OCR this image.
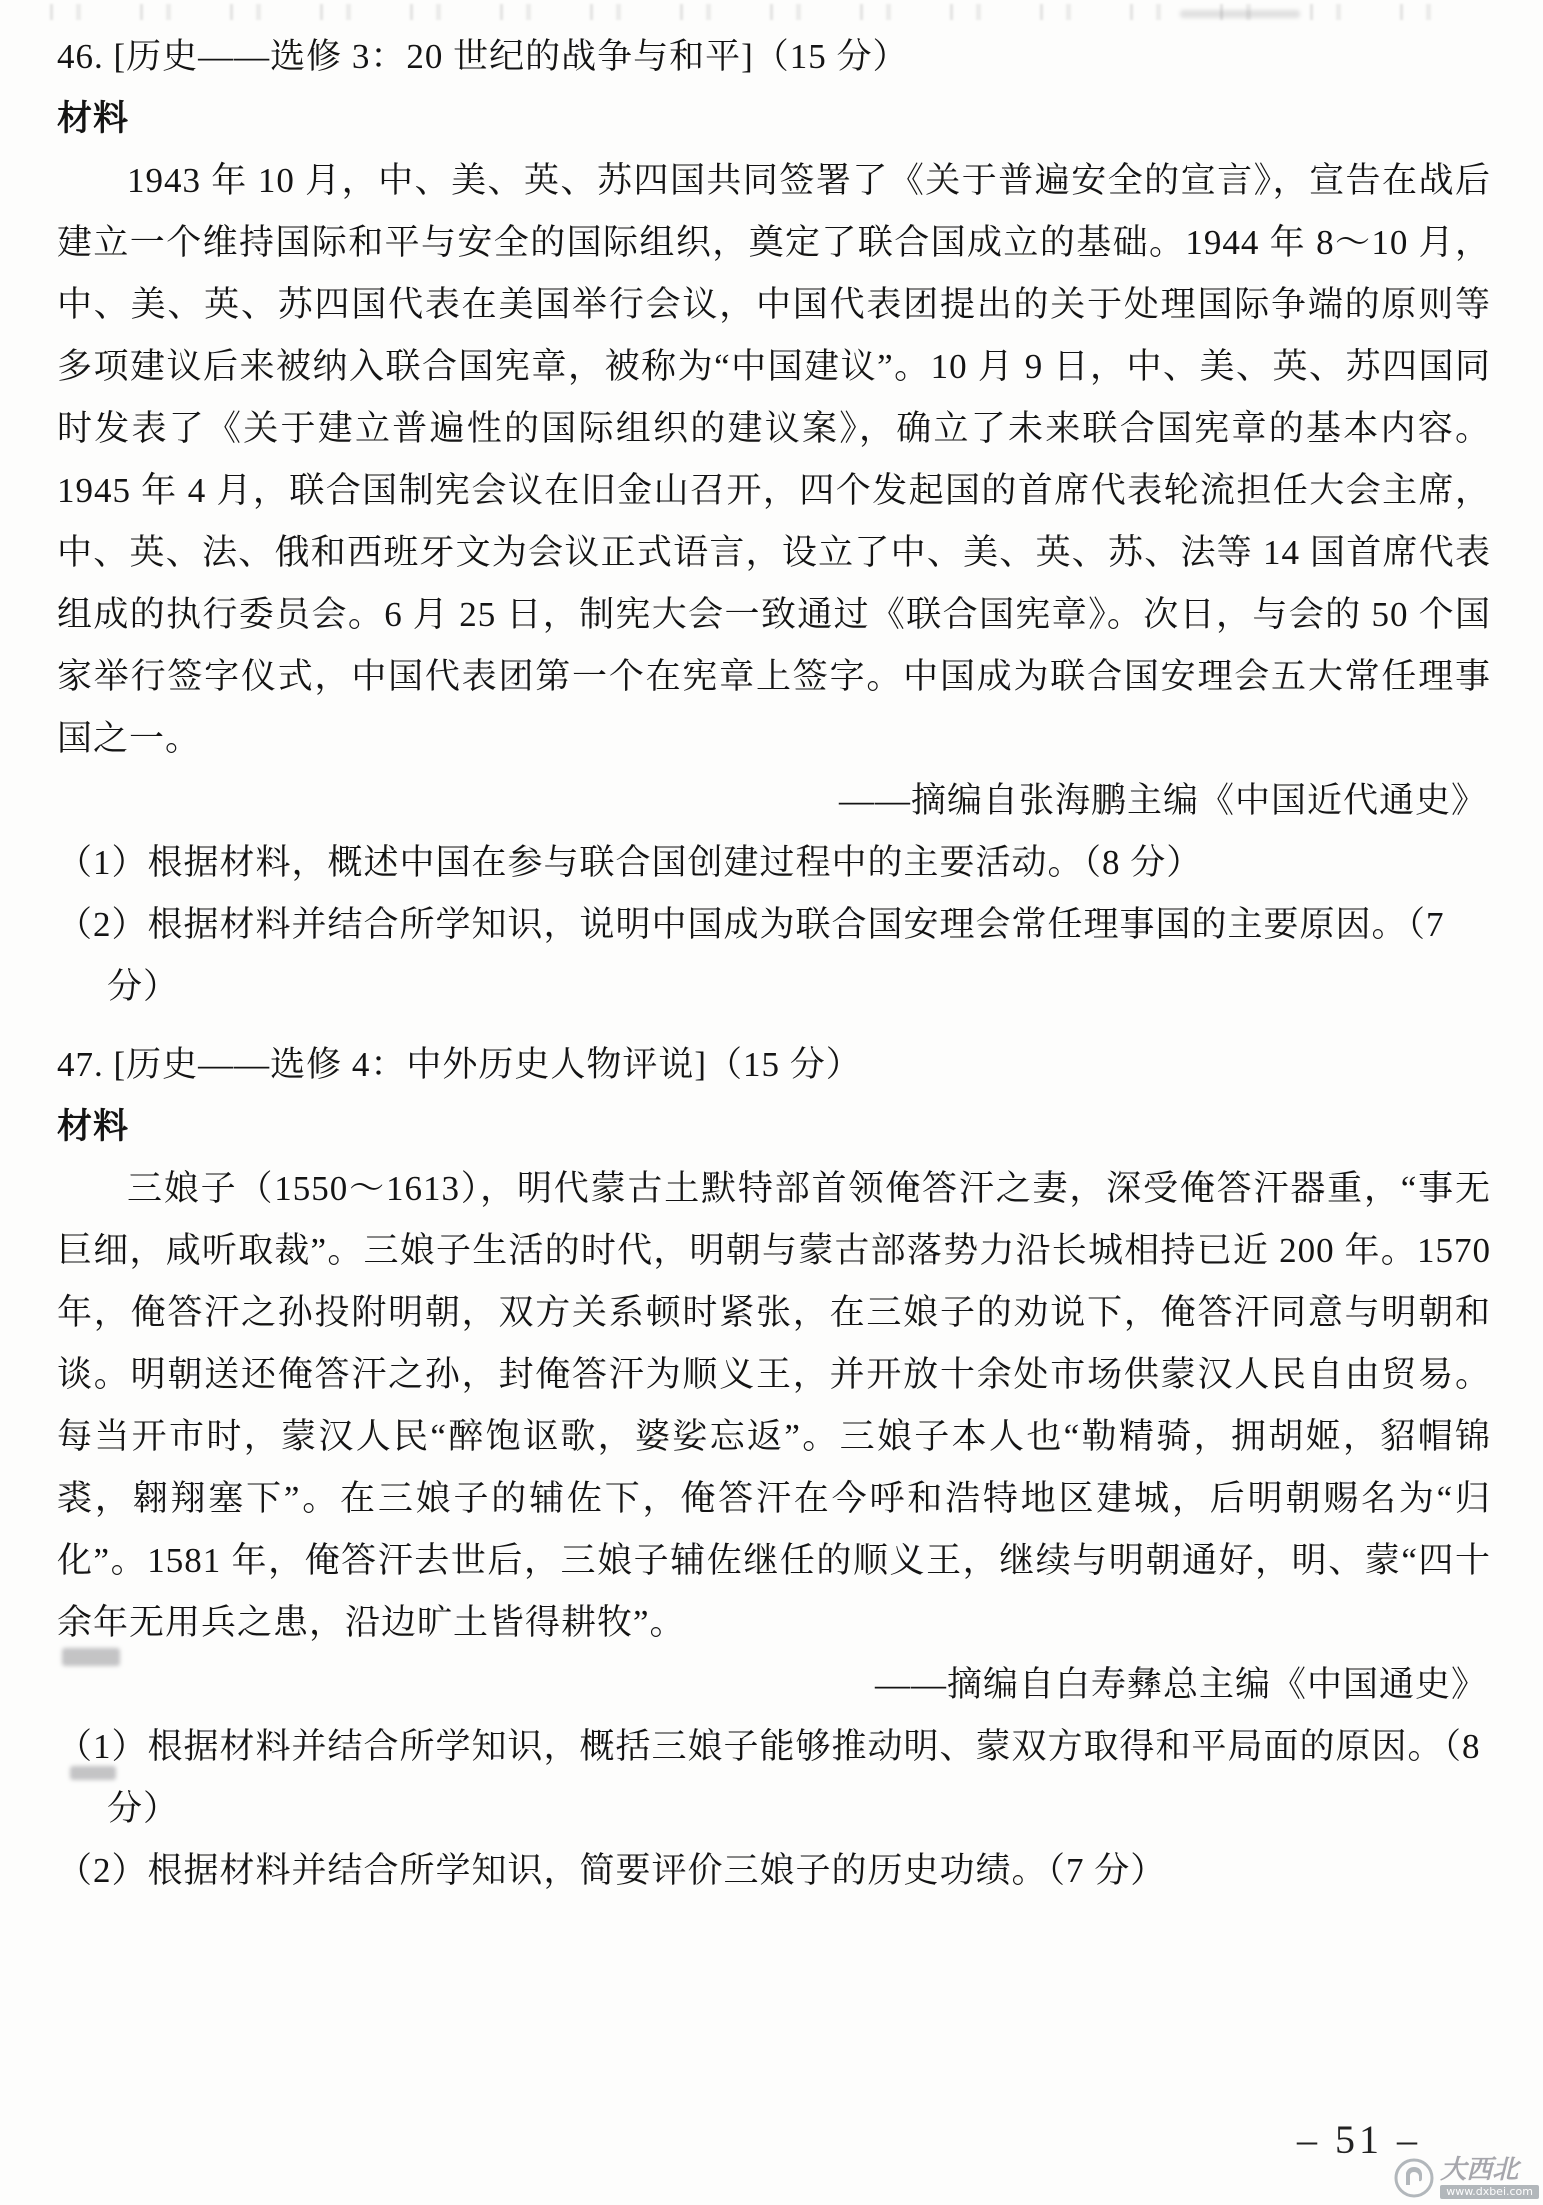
46. [历史——选修 3：20 世纪的战争与和平]（15 分）
材料
1943 年 10 月，中、美、英、苏四国共同签署了《关于普遍安全的宣言》，宣告在战后建立一个维持国际和平与安全的国际组织，奠定了联合国成立的基础。1944 年 8～10 月，中、美、英、苏四国代表在美国举行会议，中国代表团提出的关于处理国际争端的原则等多项建议后来被纳入联合国宪章，被称为“中国建议”。10 月 9 日，中、美、英、苏四国同时发表了《关于建立普遍性的国际组织的建议案》，确立了未来联合国宪章的基本内容。1945 年 4 月，联合国制宪会议在旧金山召开，四个发起国的首席代表轮流担任大会主席，中、英、法、俄和西班牙文为会议正式语言，设立了中、美、英、苏、法等 14 国首席代表组成的执行委员会。6 月 25 日，制宪大会一致通过《联合国宪章》。次日，与会的 50 个国家举行签字仪式，中国代表团第一个在宪章上签字。中国成为联合国安理会五大常任理事国之一。
——摘编自张海鹏主编《中国近代通史》
（1）根据材料，概述中国在参与联合国创建过程中的主要活动。（8 分）
（2）根据材料并结合所学知识，说明中国成为联合国安理会常任理事国的主要原因。（7 分）
47. [历史——选修 4：中外历史人物评说]（15 分）
材料
三娘子（1550～1613），明代蒙古土默特部首领俺答汗之妻，深受俺答汗器重，“事无巨细，咸听取裁”。三娘子生活的时代，明朝与蒙古部落势力沿长城相持已近 200 年。1570 年，俺答汗之孙投附明朝，双方关系顿时紧张，在三娘子的劝说下，俺答汗同意与明朝和谈。明朝送还俺答汗之孙，封俺答汗为顺义王，并开放十余处市场供蒙汉人民自由贸易。每当开市时，蒙汉人民“醉饱讴歌，婆娑忘返”。三娘子本人也“勒精骑，拥胡姬，貂帽锦裘，翱翔塞下”。在三娘子的辅佐下，俺答汗在今呼和浩特地区建城，后明朝赐名为“归化”。1581 年，俺答汗去世后，三娘子辅佐继任的顺义王，继续与明朝通好，明、蒙“四十余年无用兵之患，沿边旷土皆得耕牧”。
——摘编自白寿彝总主编《中国通史》
（1）根据材料并结合所学知识，概括三娘子能够推动明、蒙双方取得和平局面的原因。（8 分）
（2）根据材料并结合所学知识，简要评价三娘子的历史功绩。（7 分）
– 51 –
大西北
www.dxbei.com
